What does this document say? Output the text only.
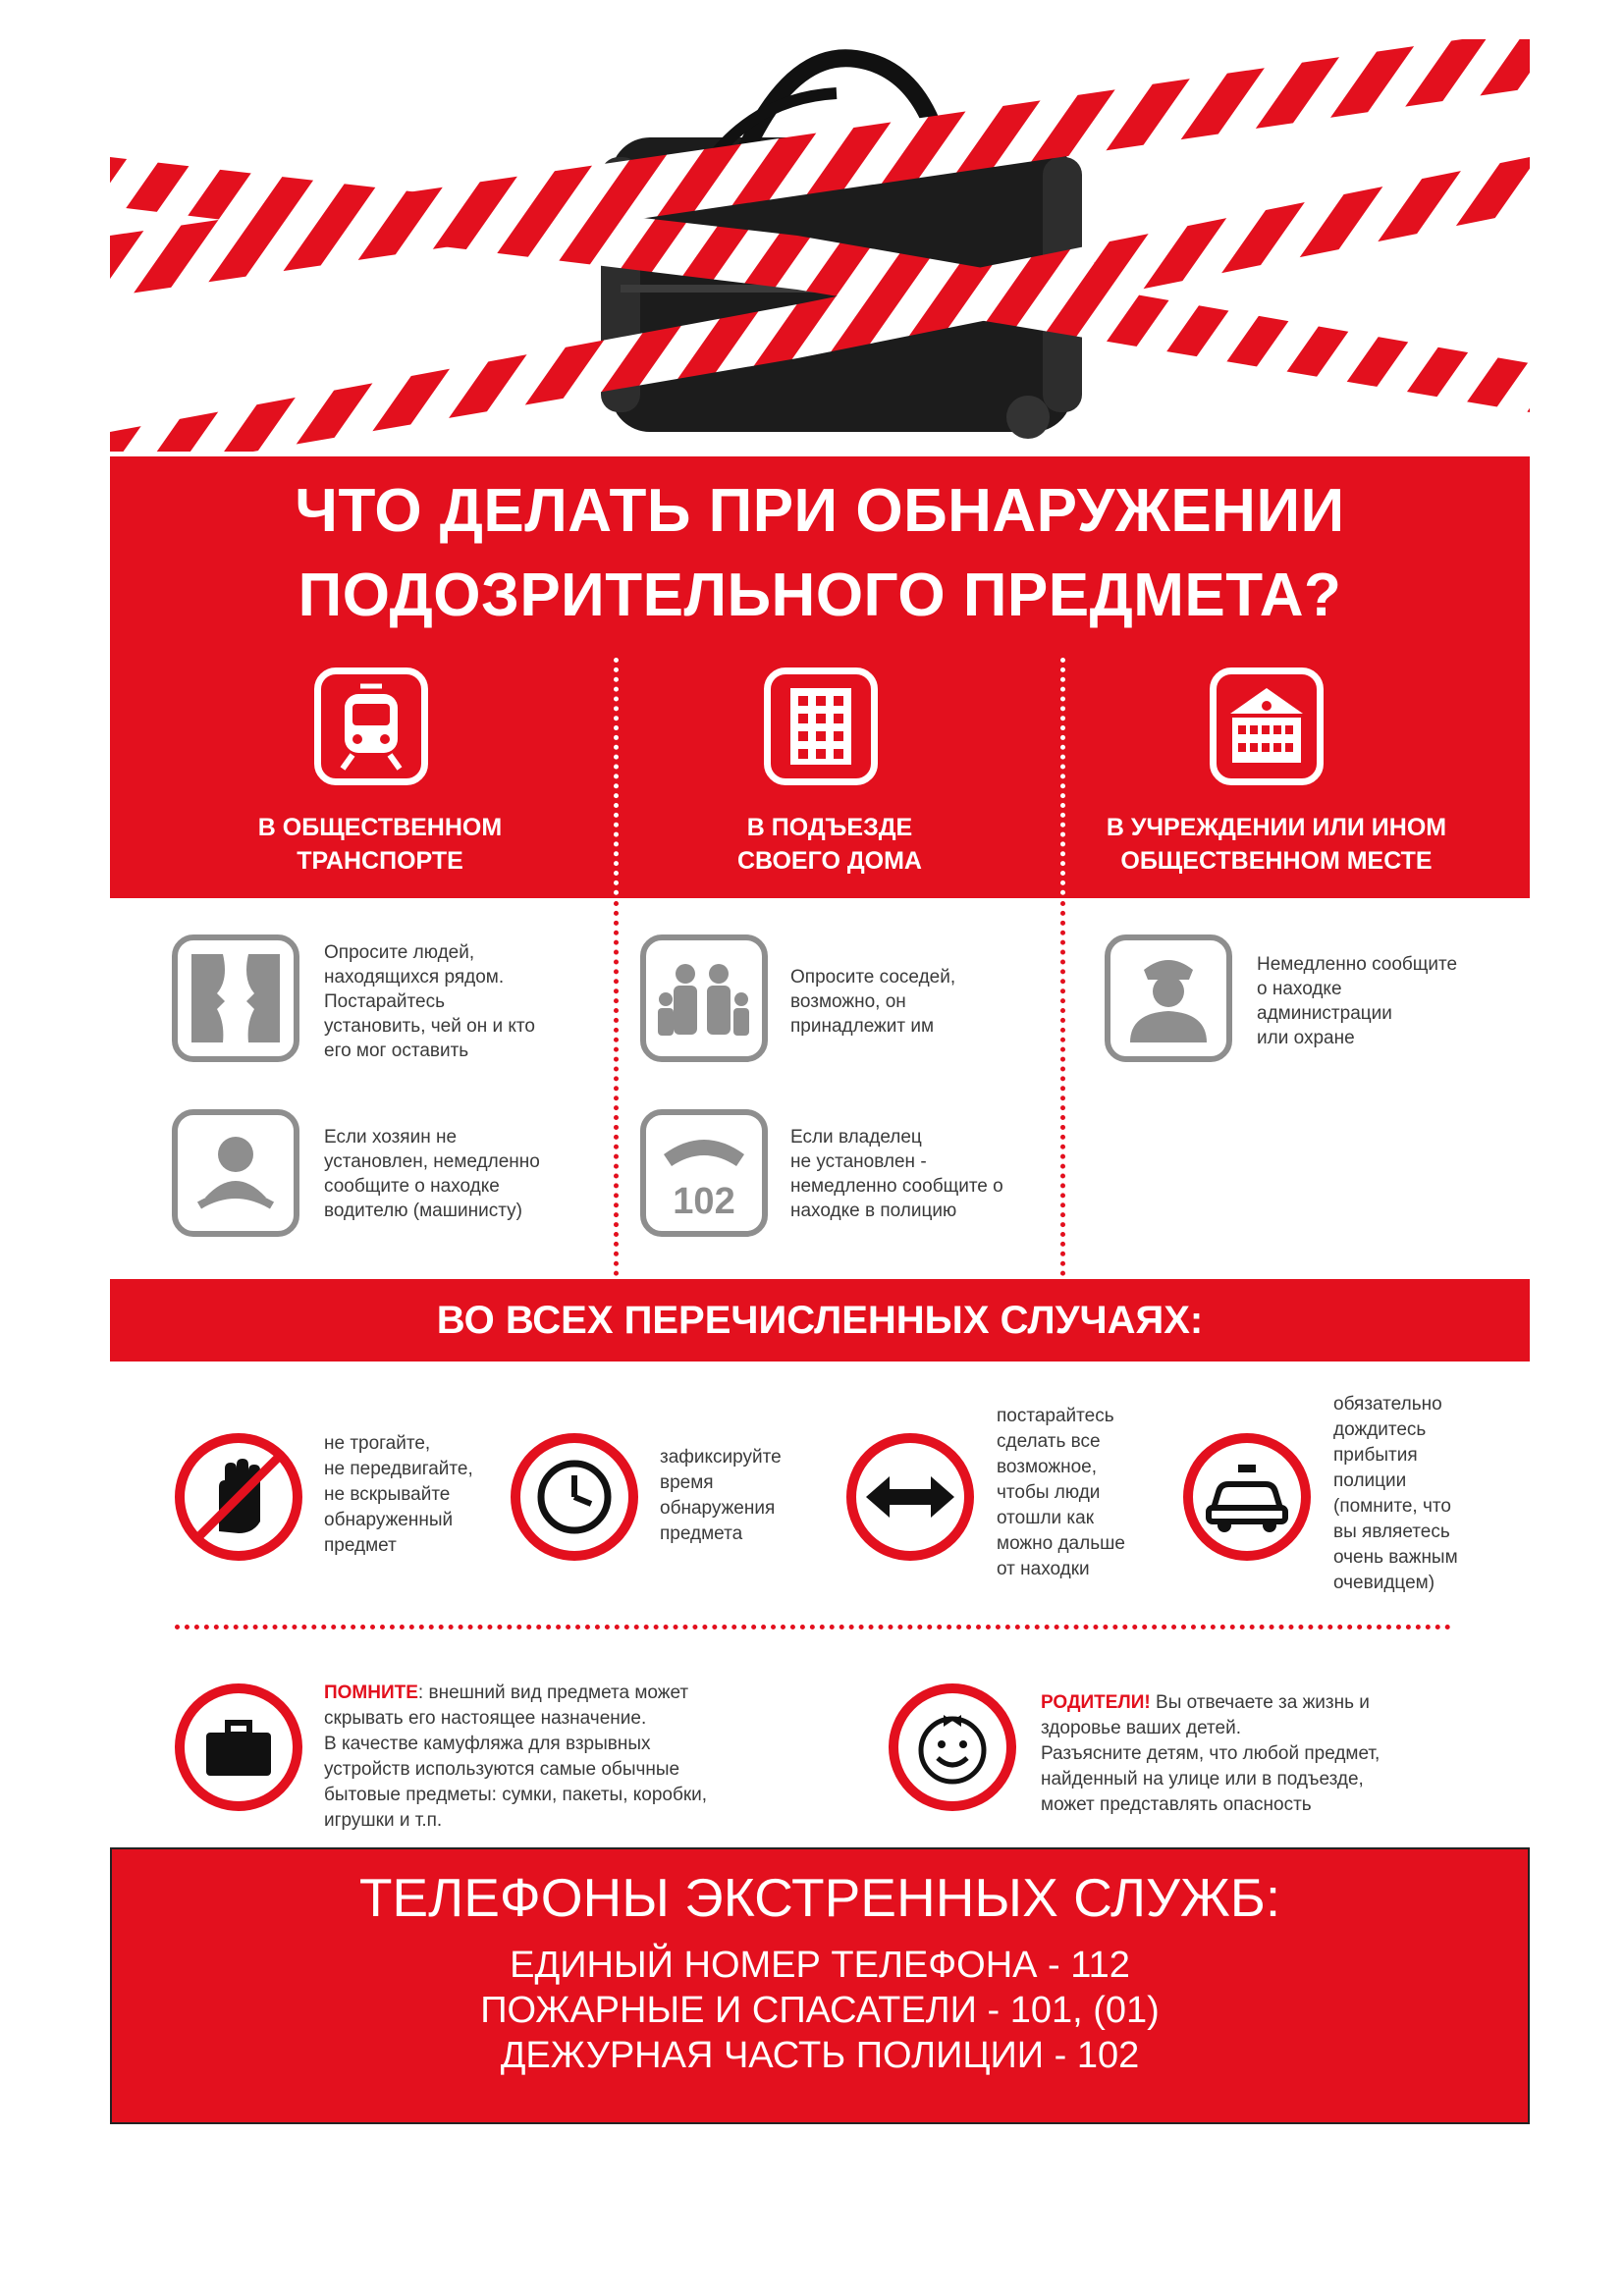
ЧТО ДЕЛАТЬ ПРИ ОБНАРУЖЕНИИ
ПОДОЗРИТЕЛЬНОГО ПРЕДМЕТА?
В ОБЩЕСТВЕННОМ
ТРАНСПОРТЕ
В ПОДЪЕЗДЕ
СВОЕГО ДОМА
В УЧРЕЖДЕНИИ ИЛИ ИНОМ
ОБЩЕСТВЕННОМ МЕСТЕ
Опросите людей,
находящихся рядом.
Постарайтесь
установить, чей он и кто
его мог оставить
Если хозяин не
установлен, немедленно
сообщите о находке
водителю (машинисту)
Опросите соседей,
возможно, он
принадлежит им
102
Если владелец
не установлен -
немедленно сообщите о
находке в полицию
Немедленно сообщите
о находке
администрации
или охране
ВО ВСЕХ ПЕРЕЧИСЛЕННЫХ СЛУЧАЯХ:
не трогайте,
не передвигайте,
не вскрывайте
обнаруженный
предмет
зафиксируйте
время
обнаружения
предмета
постарайтесь
сделать все
возможное,
чтобы люди
отошли как
можно дальше
от находки
обязательно
дождитесь
прибытия
полиции
(помните, что
вы являетесь
очень важным
очевидцем)
ПОМНИТЕ: внешний вид предмета может
скрывать его настоящее назначение.
В качестве камуфляжа для взрывных
устройств используются самые обычные
бытовые предметы: сумки, пакеты, коробки,
игрушки и т.п.
РОДИТЕЛИ! Вы отвечаете за жизнь и
здоровье ваших детей.
Разъясните детям, что любой предмет,
найденный на улице или в подъезде,
может представлять опасность
ТЕЛЕФОНЫ ЭКСТРЕННЫХ СЛУЖБ:
ЕДИНЫЙ НОМЕР ТЕЛЕФОНА - 112
ПОЖАРНЫЕ И СПАСАТЕЛИ - 101, (01)
ДЕЖУРНАЯ ЧАСТЬ ПОЛИЦИИ - 102
